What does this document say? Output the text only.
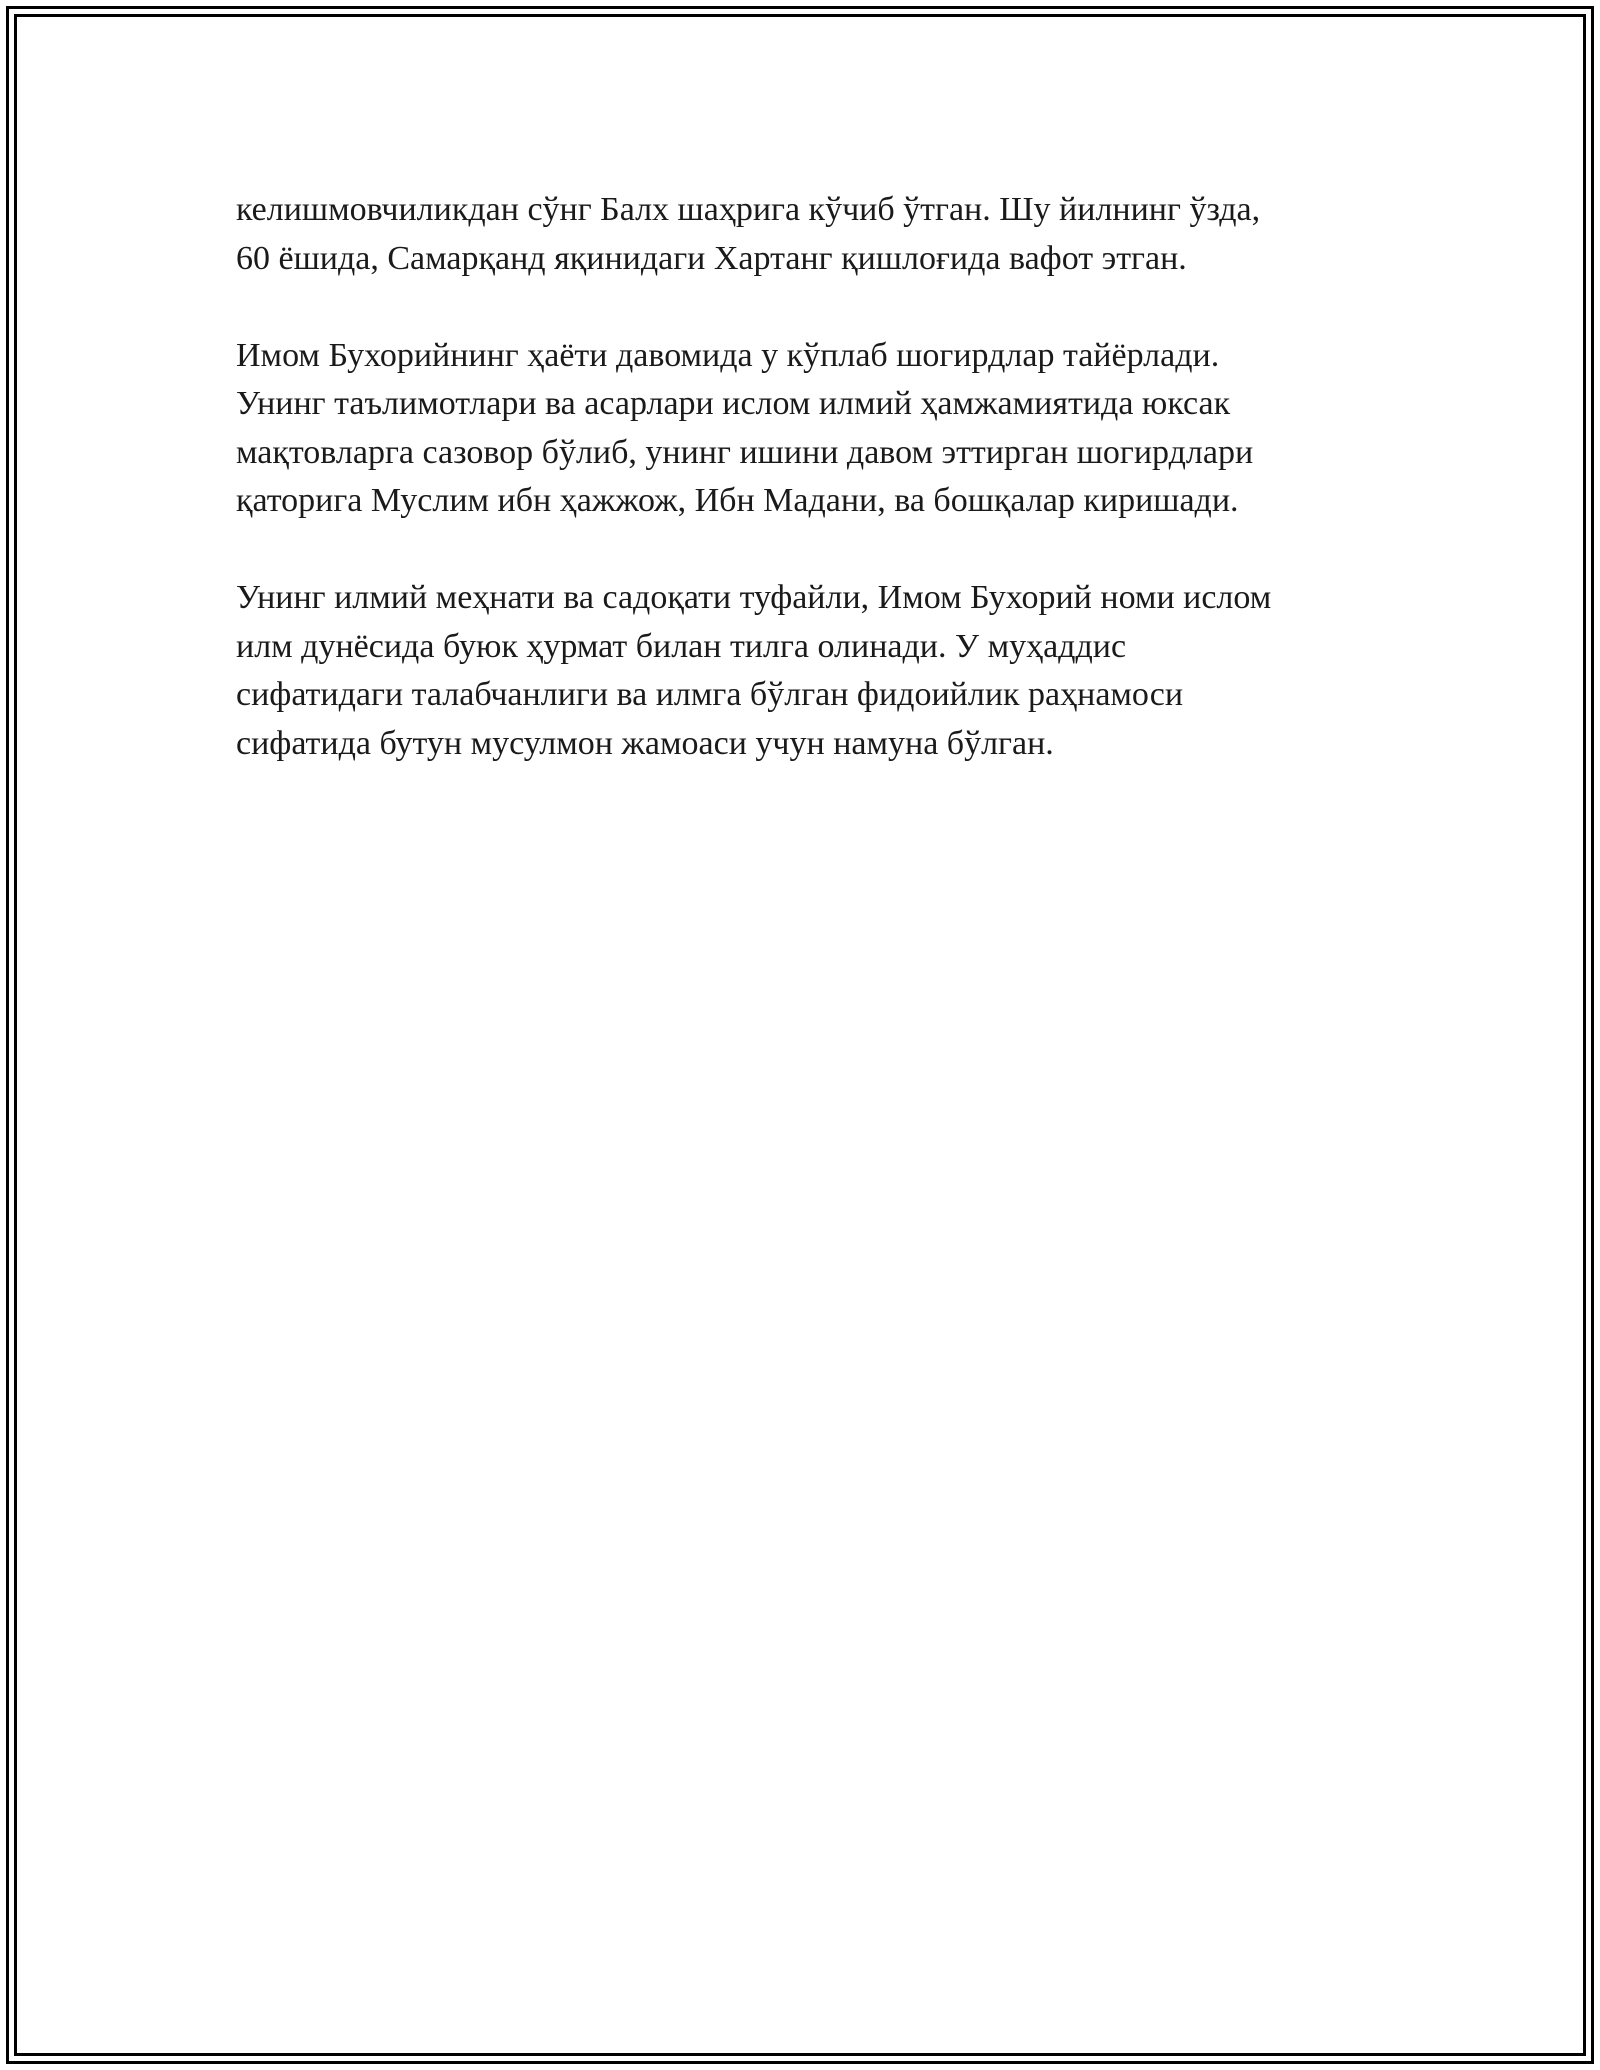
келишмовчиликдан сўнг Балх шаҳрига кўчиб ўтган. Шу йилнинг ўзда,
60 ёшида, Самарқанд яқинидаги Хартанг қишлоғида вафот этган.

Имом Бухорийнинг ҳаёти давомида у кўплаб шогирдлар тайёрлади.
Унинг таълимотлари ва асарлари ислом илмий ҳамжамиятида юксак
мақтовларга сазовор бўлиб, унинг ишини давом эттирган шогирдлари
қаторига Муслим ибн ҳажжож, Ибн Мадани, ва бошқалар киришади.

Унинг илмий меҳнати ва садоқати туфайли, Имом Бухорий номи ислом
илм дунёсида буюк ҳурмат билан тилга олинади. У муҳаддис
сифатидаги талабчанлиги ва илмга бўлган фидоийлик раҳнамоси
сифатида бутун мусулмон жамоаси учун намуна бўлган.
